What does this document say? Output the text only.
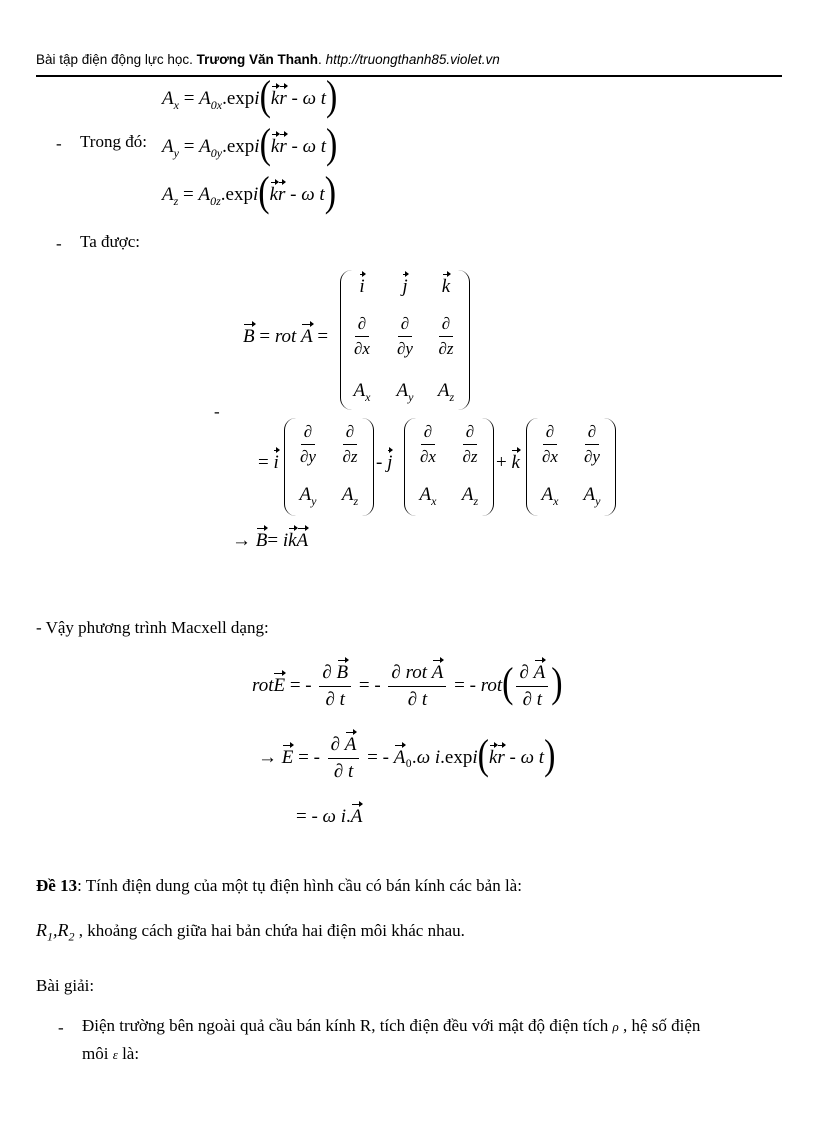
Bài tập điện động lực học. Trương Văn Thanh. http://truongthanh85.violet.vn
$A_x = A_{0x}.\exp i(kr - \omega$ t)
- Trong đó: $A_y = A_{0y}.\exp i(kr - \omega$ t)
$A_z = A_{0z}.\exp i(kr - \omega$ t)
- Ta được:
B = rot A =
i	j	k
$\frac{\partial}{\partial x} \frac{\partial}{\partial y} \frac{\partial}{\partial z}$
$A_x$	$A_y$	$A_z$
-
= i $\frac{\partial}{\partial y} \frac{\partial}{\partial z}$
$A_y$	$A_z$
- j $\frac{\partial}{\partial x} \frac{\partial}{\partial z}$
$A_x$	$A_z$
+ k $\frac{\partial}{\partial x} \frac{\partial}{\partial y}$
$A_x$	$A_y$
→ B= ikA
- Vậy phương trình Macxell dạng:
rotE = - $\frac{\partial B}{\partial t}$ = - $\frac{\text{∂ rot A}}{\partial t}$ = - $rot( \frac{\partial A}{\partial t}$ )
→ E = - $\frac{\partial A}{\partial t}$ = - A₀.ω i.expi(kr - ω t)
= - ω i.A
Đề 13: Tính điện dung của một tụ điện hình cầu có bán kính các bản là:
$R_1,R_2$ , khoảng cách giữa hai bản chứa hai điện môi khác nhau.
Bài giải:
- Điện trường bên ngoài quả cầu bán kính R, tích điện đều với mật độ điện tích ρ , hệ số điện
môi ε là:
